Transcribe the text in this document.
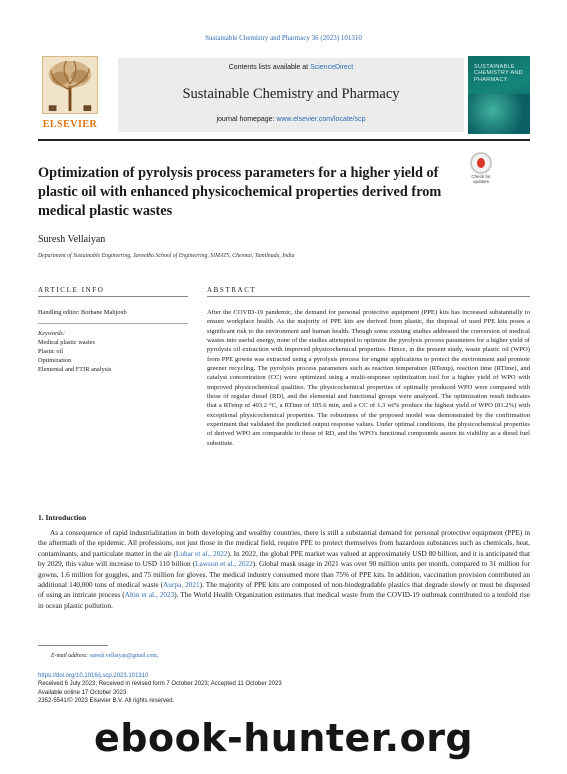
Sustainable Chemistry and Pharmacy 36 (2023) 101310
ELSEVIER
Contents lists available at ScienceDirect
Sustainable Chemistry and Pharmacy
journal homepage: www.elsevier.com/locate/scp
SUSTAINABLE CHEMISTRY AND PHARMACY
Check for updates
Optimization of pyrolysis process parameters for a higher yield of plastic oil with enhanced physicochemical properties derived from medical plastic wastes
Suresh Vellaiyan
Department of Sustainable Engineering, Saveetha School of Engineering, SIMATS, Chennai, Tamilnadu, India
ARTICLE INFO	ABSTRACT
Handling editor: Borhane Mahjoub
Keywords:
Medical plastic wastes
Plastic oil
Optimization
Elemental and FTIR analysis

After the COVID-19 pandemic, the demand for personal protective equipment (PPE) kits has increased substantially to ensure workplace health. As the majority of PPE kits are derived from plastic, the disposal of used PPE kits poses a significant risk to the environment and human health. Though some existing studies addressed the conversion of medical wastes into useful energy, none of the studies attempted to optimize the pyrolysis process parameters for a higher yield of pyrolysis oil extraction with improved physicochemical properties. Hence, in the present study, waste plastic oil (WPO) from PPE gowns was extracted using a pyrolysis process for engine applications to protect the environment and promote greener recycling. The pyrolysis process parameters such as reaction temperature (RTemp), reaction time (RTime), and catalyst concentration (CC) were optimized using a multi-response optimization tool for a higher yield of WPO with improved physicochemical qualities. The physicochemical properties of optimally produced WPO were compared with those of regular diesel (RD), and the elemental and functional groups were analyzed. The optimization result indicates that a RTemp of 403.2 °C, a RTime of 105.6 min, and a CC of 1.3 wt% produce the highest yield of WPO (81.2%) with exceptional physicochemical properties. The robustness of the proposed model was demonstrated by the confirmation experiment that validated the predicted output response values. Under optimal conditions, the physicochemical properties of derived WPO are comparable to those of RD, and the WPO's functional compounds assure its viability as a diesel fuel substitute.

1. Introduction

As a consequence of rapid industrialization in both developing and wealthy countries, there is still a substantial demand for personal protective equipment (PPE) in the aftermath of the epidemic. All professions, not just those in the medical field, require PPE to protect themselves from hazardous substances such as chemicals, heat, contaminants, and particulate matter in the air (Luhar et al., 2022). In 2022, the global PPE market was valued at approximately USD 80 billion, and it is anticipated that by 2029, this value will increase to USD 110 billion (Lawson et al., 2022). Global mask usage in 2021 was over 90 million units per month, compared to 31 million for gowns, 1.6 million for goggles, and 75 million for gloves. The medical industry consumed more than 75% of PPE kits. In addition, vaccination provision contributed an additional 140,000 tons of medical waste (Aurpa, 2021). The majority of PPE kits are composed of non-biodegradable plastics that degrade slowly or must be disposed of using an intricate process (Altin et al., 2023). The World Health Organization estimates that medical waste from the COVID-19 outbreak contributed to a tenfold rise in ocean plastic pollution.

E-mail address: suresh.vellaiyan@gmail.com.
https://doi.org/10.1016/j.scp.2023.101310
Received 6 July 2023; Received in revised form 7 October 2023; Accepted 11 October 2023
Available online 17 October 2023
2352-5541/© 2023 Elsevier B.V. All rights reserved.
ebook-hunter.org
